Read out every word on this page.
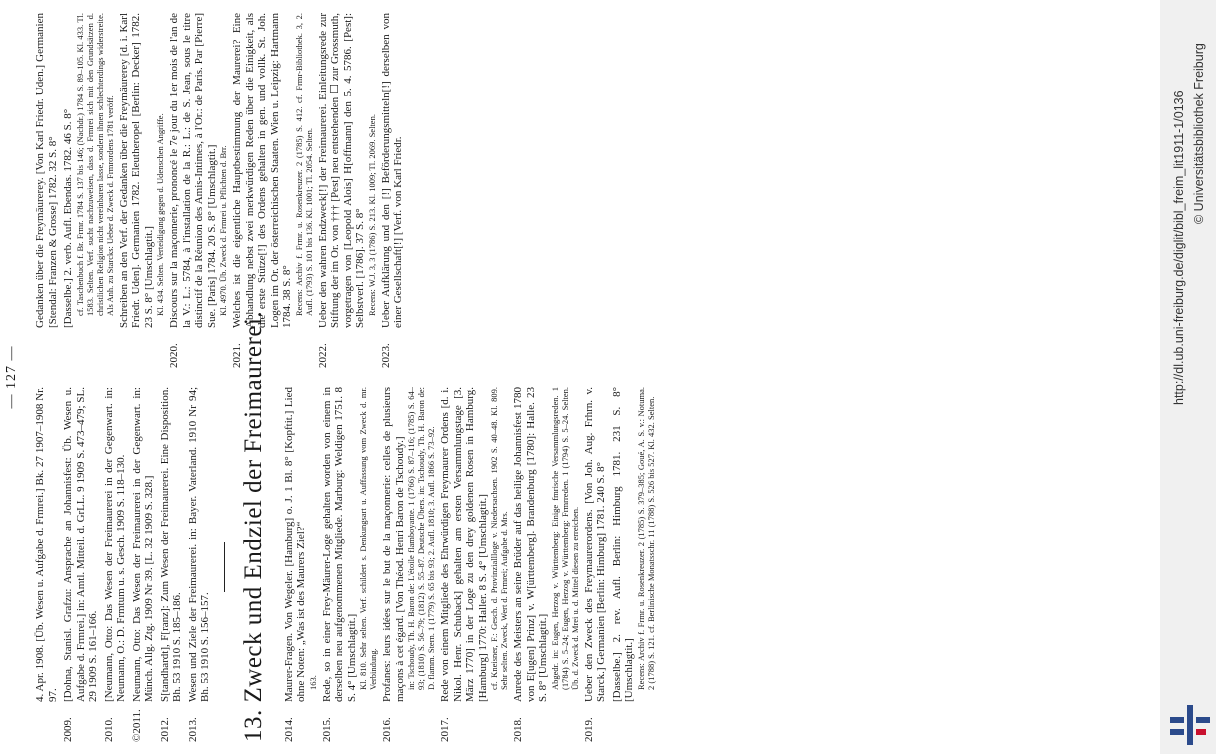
— 127 —
4. Apr. 1908. [Üb. Wesen u. Aufgabe d. Frmrei.] Bk. 27 1907–1908 Nr. 97.
2009.
[Dohna, Stanisl. Grafzu: Ansprache an Johannisfest: Üb. Wesen u. Aufgabe d. Frmrei.] in: Amtl. Mitteil. d. GrLL. 9 1909 S. 473–479; SL. 29 1909 S. 161–166.
2010.
[Neumann, Otto: Das Wesen der Freimaurerei in der Gegenwart. in: Neumann, O.: D. Frmtum u. s. Gesch. 1909 S. 118–130.
©2011.
Neumann, Otto: Das Wesen der Freimaurerei in der Gegenwart. in: Münch. Allg. Ztg. 1909 Nr 39. [L. 32 1909 S. 328.]
2012.
S[tandhardt], F[ranz]: Zum Wesen der Freimaurerei. Eine Disposition. Bh. 53 1910 S. 185–186.
2013.
Wesen und Ziele der Freimaurerei. in: Bayer. Vaterland. 1910 Nr 94; Bh. 53 1910 S. 156–157. 13. Zweck und Endziel der Freimaurerei. 2014.
Maurer-Fragen. Von Wegeler. [Hamburg] o. J. 1 Bl. 8° [Kopftit.] Lied ohne Noten: „Was ist des Maurers Ziel?“ 163.
2015.
Rede, so in einer Frey-Mäurer-Loge gehalten worden von einem in derselben neu aufgenommenen Mitgliede. Marburg: Weldigen 1751. 8 S. 4° [Umschlagtit.] Kl. 810. Sehr selten. Verf. schildert s. Denkungsart u. Auffassung vom Zweck d. mr. Verbindung.
2016.
Profanes: leurs idées sur le but de la maçonnerie: celles de plusieurs maçons à cet égard. [Von Théod. Henri Baron de Tschoudy.] in: Tschoudy, Th. H. Baron de: L'étoile flamboyante. 1 (1766) S. 87–116; (1785) S. 64–93; (1810) S. 56–79; (1812) S. 55–87. Deutsche Übers. in: Tschoudy, Th. H. Baron de: D. flamm. Stern. 1 (1779) S. 65 bis 93; 2. Aufl. 1810; 3. Aufl. 1866 S. 73–92.
2017.
Rede von einem Mitgliede des Ehrwürdigen Freymaurer Ordens [d. i. Nikol. Henr. Schuback] gehalten am ersten Versammlungstage [3. März 1770] in der Loge zu den drey goldenen Rosen in Hamburg. [Hamburg] 1770: Haller. 8 S. 4° [Umschlagtit.] cf. Kneisner, F.: Gesch. d. Provinziallloge v. Niedersachsen. 1902 S. 40–48. Kl. 809. Sehr selten. Zweck, Wert d. Frmrei; Aufgabe d. Mrs.
2018.
Anrede des Meisters an seine Brüder auf das heilige Johannisfest 1780 von E[ugen] Prinz] v. W[ürttemberg]. Brandenburg [1780]: Halle. 23 S. 8° [Umschlagtit.] Abgedr. in: Eugen, Herzog v. Württemberg: Einige fmrische Versammlungsreden. 1 (1784) S. 5–24; Eugen, Herzog v. Württemberg: Frmrreden. 1 (1794) S. 5–24. Selten. Üb. d. Zweck d. Mrei u. d. Mittel diesen zu erreichen.
2019.
Ueber den Zweck des Freymaurerordens. [Von Joh. Aug. Frhrn. v. Starck.] Germanien [Berlin: Himburg] 1781. 240 S. 8° [Dasselbe.] 2. rev. Aufl. Berlin: Himburg 1781. 231 S. 8° [Umschlagtit.] Recens: Archiv f. Frmr. u. Rosenkreuzer. 2 (1785) S. 379–385; Goué, A. S. v.: Notuma. 2 (1788) S. 121. cf. Berlinische Monatsschr. 11 (1788) S. 526 bis 527. Kl. 432. Selten.
Gedanken über die Freymäurerey. [Von Karl Friedr. Uden.] Germanien [Stendal: Franzen & Grosse] 1782. 32 S. 8° [Dasselbe.] 2. verb. Aufl. Ebendas. 1782. 46 S. 8° cf. Taschenbuch f. Br. Frmr. 1784 S. 137 bis 146; (Nachdr.) 1784 S. 89–105. Kl. 433. Tl. 1583. Selten. Verf. sucht nachzuweisen, dass d. Frmrei sich mit den Grundsätzen d. christlichen Religion nicht vereinbaren lasse, sondern ihnen schlechterdings widerstreite. Als Anh. zu Starcks: Ueber d. Zweck d. Frmrordens 1781 veröff. Schreiben an den Verf. der Gedanken über die Freymäurerey [d. i. Karl Friedr. Uden]. Germanien 1782. Eleutheropel [Berlin: Decker] 1782. 23 S. 8° [Umschlagtit.] Kl. 434. Selten. Verteidigung gegen d. Udenschen Angriffe.
2020.
Discours sur la maçonnerie, prononcé le 7e jour du 1er mois de l'an de la V.: L.: 5784, à l'installation de la R.: L.: de S. Jean, sous le titre distinctif de la Réunion des Amis-Intimes, à l'Or.: de Paris. Par [Pierre] Sue. [Paris] 1784. 20 S. 8° [Umschlagtit.] Kl. 4970. Üb. Zweck d. Frmrei u. Pflichten d. Brr.
2021.
Welches ist die eigentliche Hauptbestimmung der Maurerei? Eine Abhandlung nebst zwei merkwürdigen Reden über die Einigkeit, als die erste Stütze[!] des Ordens gehalten in gen. und vollk. St. Joh. Logen im Or. der österreichischen Staaten. Wien u. Leipzig: Hartmann 1784. 38 S. 8° Recens: Archiv f. Frmr. u. Rosenkreuzer. 2 (1785) S. 412. cf. Frmr-Bibliothek. 3, 2. Aufl. (1793) S. 101 bis 136. Kl. 1001; Tl. 2054. Selten.
2022.
Ueber den wahren Endzweck[!] der Freimaurerei. Einleitungsrede zur Stiftung der im Or. von ††† [Pest] neu entstehenden ☐ zur Grossmuth, vorgetragen von [Leopold Alois] H[offmann] den 5. 4. 5786. [Pest]: Selbstverl. [1786]. 37 S. 8° Recens: W.J. 3, 3 (1786) S. 213. Kl. 1009; Tl. 2069. Selten.
2023.
Ueber Aufklärung und den [!] Beförderungsmitteln[!] derselben von einer Gesellschaft[!] [Verf. von Karl Friedr.	http://dl.ub.uni-freiburg.de/diglit/bibl_freim_lit1911-1/0136 © Universitätsbibliothek Freiburg
